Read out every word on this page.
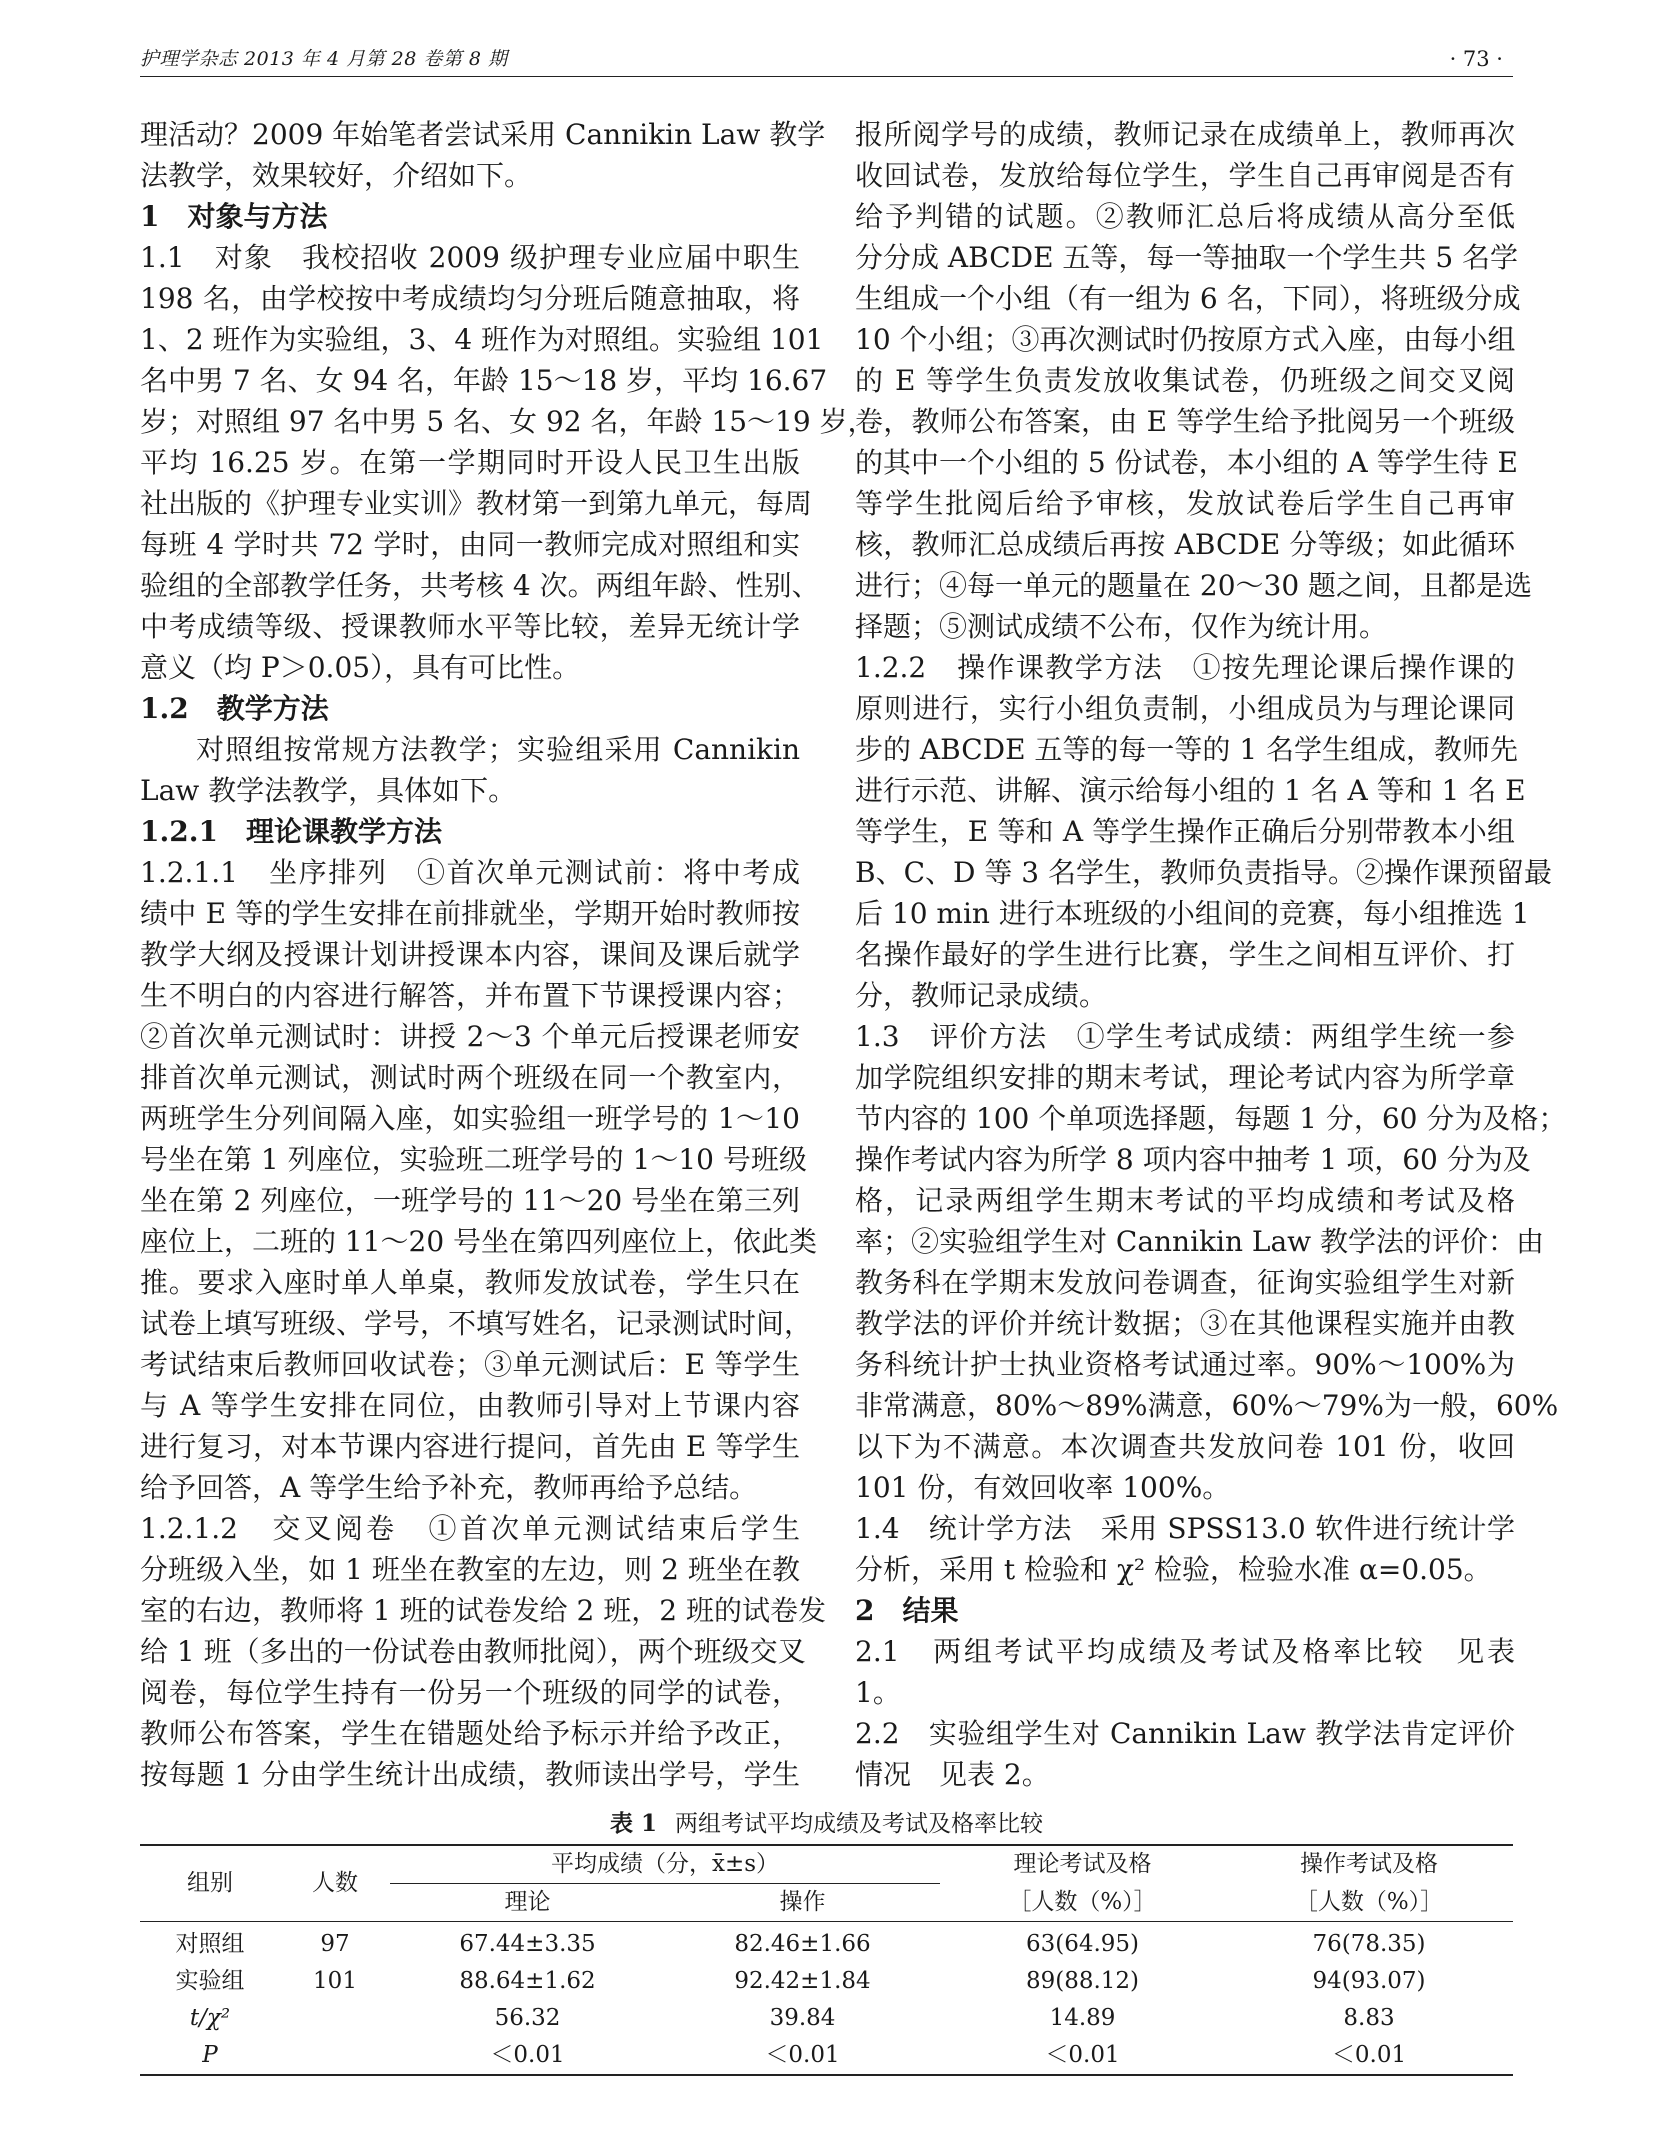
护理学杂志 2013 年 4 月第 28 卷第 8 期	· 73 ·
理活动？2009 年始笔者尝试采用 Cannikin Law 教学
法教学，效果较好，介绍如下。
1　对象与方法
1.1　对象　我校招收 2009 级护理专业应届中职生
198 名，由学校按中考成绩均匀分班后随意抽取，将
1、2 班作为实验组，3、4 班作为对照组。实验组 101
名中男 7 名、女 94 名，年龄 15～18 岁，平均 16.67
岁；对照组 97 名中男 5 名、女 92 名，年龄 15～19 岁，
平均 16.25 岁。在第一学期同时开设人民卫生出版
社出版的《护理专业实训》教材第一到第九单元，每周
每班 4 学时共 72 学时，由同一教师完成对照组和实
验组的全部教学任务，共考核 4 次。两组年龄、性别、
中考成绩等级、授课教师水平等比较，差异无统计学
意义（均 P＞0.05），具有可比性。
1.2　教学方法
对照组按常规方法教学；实验组采用 Cannikin
Law 教学法教学，具体如下。
1.2.1　理论课教学方法
1.2.1.1　坐序排列　①首次单元测试前：将中考成
绩中 E 等的学生安排在前排就坐，学期开始时教师按
教学大纲及授课计划讲授课本内容，课间及课后就学
生不明白的内容进行解答，并布置下节课授课内容；
②首次单元测试时：讲授 2～3 个单元后授课老师安
排首次单元测试，测试时两个班级在同一个教室内，
两班学生分列间隔入座，如实验组一班学号的 1～10
号坐在第 1 列座位，实验班二班学号的 1～10 号班级
坐在第 2 列座位，一班学号的 11～20 号坐在第三列
座位上，二班的 11～20 号坐在第四列座位上，依此类
推。要求入座时单人单桌，教师发放试卷，学生只在
试卷上填写班级、学号，不填写姓名，记录测试时间，
考试结束后教师回收试卷；③单元测试后：E 等学生
与 A 等学生安排在同位，由教师引导对上节课内容
进行复习，对本节课内容进行提问，首先由 E 等学生
给予回答，A 等学生给予补充，教师再给予总结。
1.2.1.2　交叉阅卷　①首次单元测试结束后学生
分班级入坐，如 1 班坐在教室的左边，则 2 班坐在教
室的右边，教师将 1 班的试卷发给 2 班，2 班的试卷发
给 1 班（多出的一份试卷由教师批阅），两个班级交叉
阅卷，每位学生持有一份另一个班级的同学的试卷，
教师公布答案，学生在错题处给予标示并给予改正，
按每题 1 分由学生统计出成绩，教师读出学号，学生
报所阅学号的成绩，教师记录在成绩单上，教师再次
收回试卷，发放给每位学生，学生自己再审阅是否有
给予判错的试题。②教师汇总后将成绩从高分至低
分分成 ABCDE 五等，每一等抽取一个学生共 5 名学
生组成一个小组（有一组为 6 名，下同），将班级分成
10 个小组；③再次测试时仍按原方式入座，由每小组
的 E 等学生负责发放收集试卷，仍班级之间交叉阅
卷，教师公布答案，由 E 等学生给予批阅另一个班级
的其中一个小组的 5 份试卷，本小组的 A 等学生待 E
等学生批阅后给予审核，发放试卷后学生自己再审
核，教师汇总成绩后再按 ABCDE 分等级；如此循环
进行；④每一单元的题量在 20～30 题之间，且都是选
择题；⑤测试成绩不公布，仅作为统计用。
1.2.2　操作课教学方法　①按先理论课后操作课的
原则进行，实行小组负责制，小组成员为与理论课同
步的 ABCDE 五等的每一等的 1 名学生组成，教师先
进行示范、讲解、演示给每小组的 1 名 A 等和 1 名 E
等学生，E 等和 A 等学生操作正确后分别带教本小组
B、C、D 等 3 名学生，教师负责指导。②操作课预留最
后 10 min 进行本班级的小组间的竞赛，每小组推选 1
名操作最好的学生进行比赛，学生之间相互评价、打
分，教师记录成绩。
1.3　评价方法　①学生考试成绩：两组学生统一参
加学院组织安排的期末考试，理论考试内容为所学章
节内容的 100 个单项选择题，每题 1 分，60 分为及格；
操作考试内容为所学 8 项内容中抽考 1 项，60 分为及
格，记录两组学生期末考试的平均成绩和考试及格
率；②实验组学生对 Cannikin Law 教学法的评价：由
教务科在学期末发放问卷调查，征询实验组学生对新
教学法的评价并统计数据；③在其他课程实施并由教
务科统计护士执业资格考试通过率。90%～100%为
非常满意，80%～89%满意，60%～79%为一般，60%
以下为不满意。本次调查共发放问卷 101 份，收回
101 份，有效回收率 100%。
1.4　统计学方法　采用 SPSS13.0 软件进行统计学
分析，采用 t 检验和 χ² 检验，检验水准 α=0.05。
2　结果
2.1　两组考试平均成绩及考试及格率比较　见表
1。
2.2　实验组学生对 Cannikin Law 教学法肯定评价
情况　见表 2。
表 1 两组考试平均成绩及考试及格率比较
组别	人数	平均成绩（分，x̄±s）		理论考试及格	操作考试及格
		理论	操作	［人数（%）］	［人数（%）］
对照组	97	67.44±3.35	82.46±1.66	63(64.95)	76(78.35)
实验组	101	88.64±1.62	92.42±1.84	89(88.12)	94(93.07)
t/χ²		56.32	39.84	14.89	8.83
P		＜0.01	＜0.01	＜0.01	＜0.01
